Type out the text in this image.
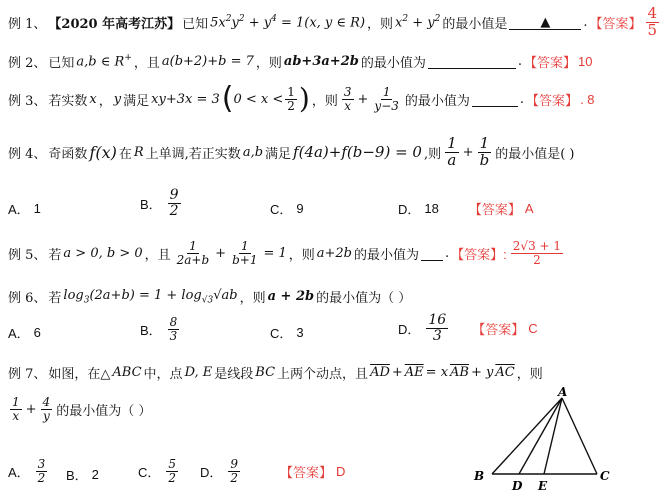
例 1、 【2020 年高考江苏】 已知 $5x^2y^2 + y^4 = 1(x$, y ∈ R) ，则 $x^2 + y^2$ 的最小值是	▲	. 【答案】 $\frac{4}{5}$
例 2、 已知 a,b ∈ R+ ，且 a(b+2)+b = 7 ，则 ab+3a+2b 的最小值为	. 【答案】 10
例 3、 若实数 x ， y 满足 xy+3x = 3 ( $0 < x < \frac{1}{2}$ ) ，则 $\frac{3}{x} + \frac{1}{y-3}$ 的最小值为	. 【答案】 . 8
例 4、 奇函数 f(x) 在 R 上单调,若正实数 a,b 满足 f(4a)+f(b−9) = 0 ,则 $\frac{1}{a} + \frac{1}{b}$ 的最小值是( )
A． 1	B． $\frac{9}{2}$	C． 9	D． 18 【答案】 A
例 5、 若 a > 0, b > 0 ，且 $\frac{1}{2a+b} + \frac{1}{b+1} = 1$ ，则 a+2b 的最小值为 . 【答案】: $\frac{2√3 + 1}{2}$
例 6、 若 $\log_3(2a+b) = 1 + \log_{√3}√ab$ ，则 a + 2b 的最小值为（ ）
A． 6	B． $\frac{8}{3}$	C． 3	D． $\frac{16}{3}$ 【答案】 C
例 7、 如图，在△ ABC 中，点 D, E 是线段 BC 上两个动点，且 $\overline{AD} + \overline{AE} = x$ $\overline{AB} + y$ $\overline{AC}$ ，则
$\frac{1}{x} + \frac{4}{y}$ 的最小值为（ ）
A． $\frac{3}{2}$ B． 2	C． $\frac{5}{2}$ D． $\frac{9}{2}$	【答案】 D
A
B	C
D E
